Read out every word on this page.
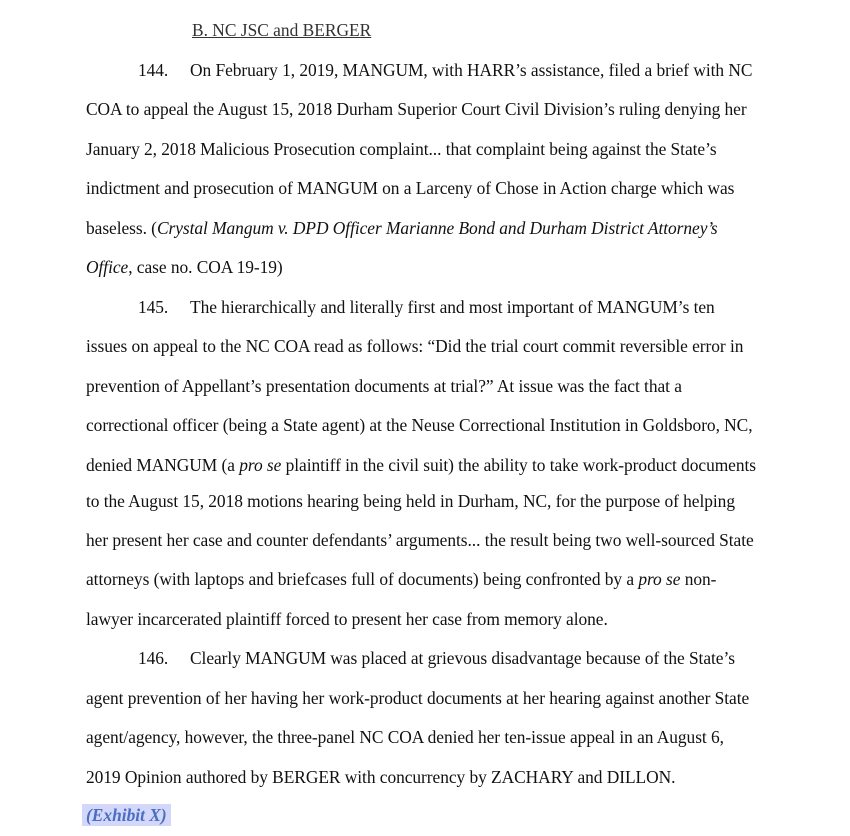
B. NC JSC and BERGER
144. On February 1, 2019, MANGUM, with HARR’s assistance, filed a brief with NC
COA to appeal the August 15, 2018 Durham Superior Court Civil Division’s ruling denying her
January 2, 2018 Malicious Prosecution complaint... that complaint being against the State’s
indictment and prosecution of MANGUM on a Larceny of Chose in Action charge which was
baseless. (Crystal Mangum v. DPD Officer Marianne Bond and Durham District Attorney’s
Office, case no. COA 19-19)
145. The hierarchically and literally first and most important of MANGUM’s ten
issues on appeal to the NC COA read as follows: “Did the trial court commit reversible error in
prevention of Appellant’s presentation documents at trial?” At issue was the fact that a
correctional officer (being a State agent) at the Neuse Correctional Institution in Goldsboro, NC,
denied MANGUM (a pro se plaintiff in the civil suit) the ability to take work-product documents
to the August 15, 2018 motions hearing being held in Durham, NC, for the purpose of helping
her present her case and counter defendants’ arguments... the result being two well-sourced State
attorneys (with laptops and briefcases full of documents) being confronted by a pro se non-
lawyer incarcerated plaintiff forced to present her case from memory alone.
146. Clearly MANGUM was placed at grievous disadvantage because of the State’s
agent prevention of her having her work-product documents at her hearing against another State
agent/agency, however, the three-panel NC COA denied her ten-issue appeal in an August 6,
2019 Opinion authored by BERGER with concurrency by ZACHARY and DILLON.
(Exhibit X)
